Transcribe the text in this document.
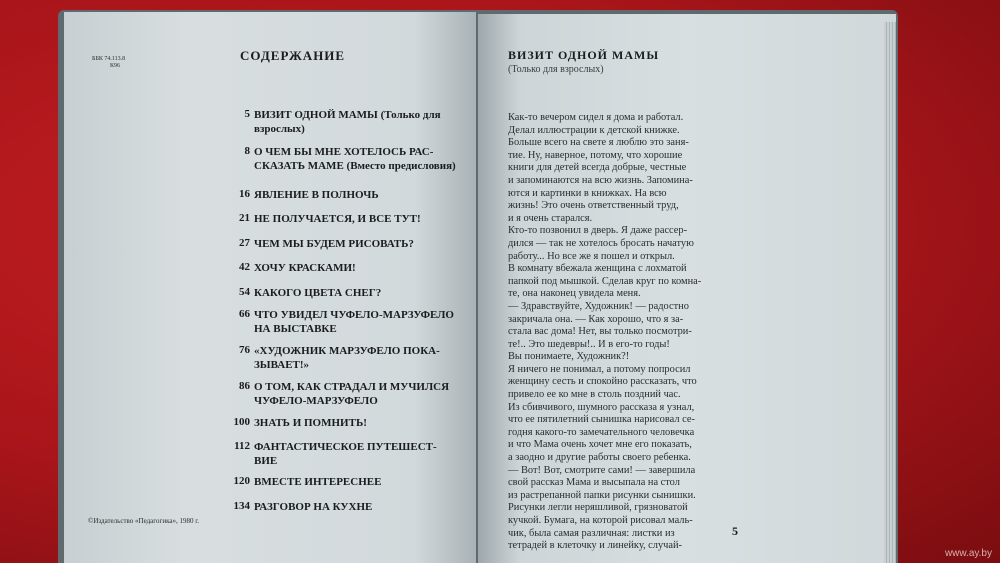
ББК 74.113.8
К96
СОДЕРЖАНИЕ
5 ВИЗИТ ОДНОЙ МАМЫ (Только для взрослых)
8 О ЧЕМ БЫ МНЕ ХОТЕЛОСЬ РАССКАЗАТЬ МАМЕ (Вместо предисловия)
16 ЯВЛЕНИЕ В ПОЛНОЧЬ
21 НЕ ПОЛУЧАЕТСЯ, И ВСЕ ТУТ!
27 ЧЕМ МЫ БУДЕМ РИСОВАТЬ?
42 ХОЧУ КРАСКАМИ!
54 КАКОГО ЦВЕТА СНЕГ?
66 ЧТО УВИДЕЛ ЧУФЕЛО-МАРЗУФЕЛО НА ВЫСТАВКЕ
76 «ХУДОЖНИК МАРЗУФЕЛО ПОКАЗЫВАЕТ!»
86 О ТОМ, КАК СТРАДАЛ И МУЧИЛСЯ ЧУФЕЛО-МАРЗУФЕЛО
100 ЗНАТЬ И ПОМНИТЬ!
112 ФАНТАСТИЧЕСКОЕ ПУТЕШЕСТВИЕ
120 ВМЕСТЕ ИНТЕРЕСНЕЕ
134 РАЗГОВОР НА КУХНЕ
©Издательство «Педагогика», 1980 г.
ВИЗИТ ОДНОЙ МАМЫ
(Только для взрослых)
Как-то вечером сидел я дома и работал.
Делал иллюстрации к детской книжке.
Больше всего на свете я люблю это заня-
тие. Ну, наверное, потому, что хорошие
книги для детей всегда добрые, честные
и запоминаются на всю жизнь. Запомина-
ются и картинки в книжках. На всю
жизнь! Это очень ответственный труд,
и я очень старался.
Кто-то позвонил в дверь. Я даже рассер-
дился — так не хотелось бросать начатую
работу... Но все же я пошел и открыл.
В комнату вбежала женщина с лохматой
папкой под мышкой. Сделав круг по комна-
те, она наконец увидела меня.
— Здравствуйте, Художник! — радостно
закричала она. — Как хорошо, что я за-
стала вас дома! Нет, вы только посмотри-
те!.. Это шедевры!.. И в его-то годы!
Вы понимаете, Художник?!
Я ничего не понимал, а потому попросил
женщину сесть и спокойно рассказать, что
привело ее ко мне в столь поздний час.
Из сбивчивого, шумного рассказа я узнал,
что ее пятилетний сынишка нарисовал се-
годня какого-то замечательного человечка
и что Мама очень хочет мне его показать,
а заодно и другие работы своего ребенка.
— Вот! Вот, смотрите сами! — завершила
свой рассказ Мама и высыпала на стол
из растрепанной папки рисунки сынишки.
Рисунки легли неряшливой, грязноватой
кучкой. Бумага, на которой рисовал маль-
чик, была самая различная: листки из
тетрадей в клеточку и линейку, случай-
5
www.ay.by
